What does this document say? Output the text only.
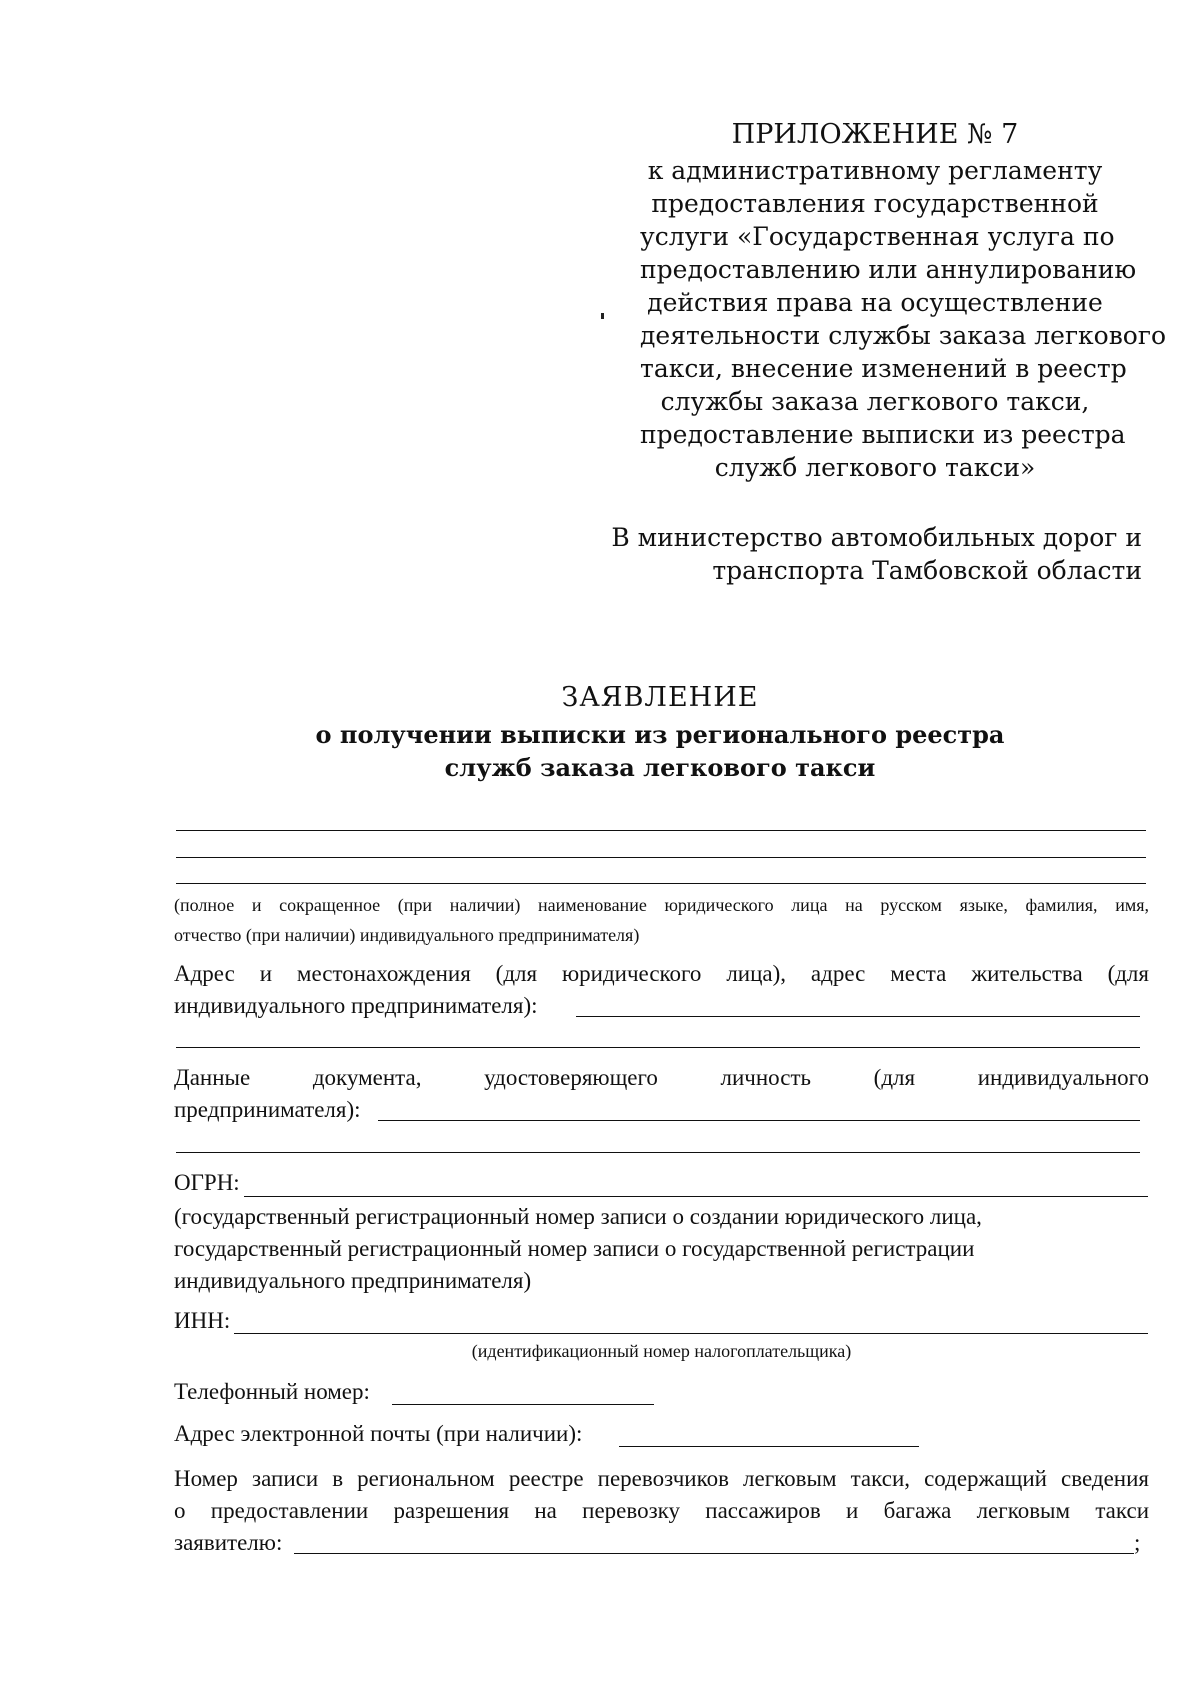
ПРИЛОЖЕНИЕ № 7
к административному регламенту
предоставления государственной
услуги «Государственная услуга по
предоставлению или аннулированию
действия права на осуществление
деятельности службы заказа легкового
такси, внесение изменений в реестр
службы заказа легкового такси,
предоставление выписки из реестра
служб легкового такси»
В министерство автомобильных дорог и
транспорта Тамбовской области
ЗАЯВЛЕНИЕ
о получении выписки из регионального реестра
служб заказа легкового такси
(полное и сокращенное (при наличии) наименование юридического лица на русском языке, фамилия, имя,
отчество (при наличии) индивидуального предпринимателя)
Адрес и местонахождения (для юридического лица), адрес места жительства (для
индивидуального предпринимателя):
Данные документа, удостоверяющего личность (для индивидуального
предпринимателя):
ОГРН:
(государственный регистрационный номер записи о создании юридического лица,
государственный регистрационный номер записи о государственной регистрации
индивидуального предпринимателя)
ИНН:
(идентификационный номер налогоплательщика)
Телефонный номер:
Адрес электронной почты (при наличии):
Номер записи в региональном реестре перевозчиков легковым такси, содержащий сведения
о предоставлении разрешения на перевозку пассажиров и багажа легковым такси
заявителю:	;
